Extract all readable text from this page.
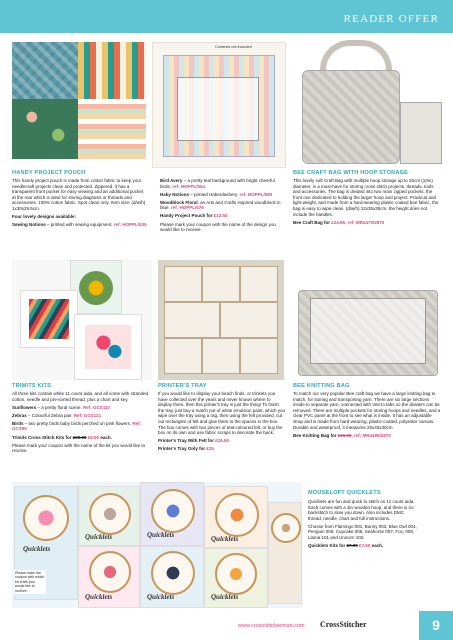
READER OFFER
Contents not included
HANDY PROJECT POUCH

This handy project pouch is made from cotton fabric to keep your needlecraft projects clean and protected. Zippered, it has a transparent front pocket for easy viewing and an additional pocket at the rear which is ideal for storing diagrams or threads and accessories. 100% cotton fabric. Spot clean only. Item size: (d/w/h) 1x30x29.5cm.

Four lovely designs available:

Sewing Notions – printed with sewing equipment. ref: HOPPL/535

Bird Avery – a pretty teal background with bright cheerful birds. ref: HOPPL/554

Haby Notions – printed Haberdashery. ref: HOPPL/580

Woodblock Floral, an Arts and Crafts inspired woodblock in blue. ref: HOPPL/576

Handy Project Pouch for £12.50

Please mark your coupon with the name of the design you would like to receive.

BEE CRAFT BAG WITH HOOP STORAGE

This lovely soft Craft Bag with multiple hoop storage up to 25cm (10in) diameter, is a must-have for storing cross stitch projects, threads, tools and accessories. The bag is divided into two main zipped pockets, the front one dedicated to holding the larger hoop and project. Practical and light-weight, and made from a hard-wearing plastic coated bee fabric, the bag is easy to wipe clean. (d/w/h) 12x35x35cm, the height does not include the handles.

Bee Craft Bag for £24.95, ref: MR4470/2870

TRIMITS KITS

All three kits contain white 11 count aida, and all come with stranded cotton, needle and pre-sorted thread, plus a chart and key.

Sunflowers – a pretty floral scene. Ref: GCS117

Zebras – Colourful Zebra pair. Ref: GCS121

Birds – two pretty birds baby birds perched on pink flowers. Ref: GCS95

Trimits Cross Stitch Kits for £30.00 £8.50 each.

Please mark your coupon with the name of the kit you would like to receive.

PRINTER'S TRAY

If you would like to display your beach finds, or trinkets you have collected over the years and never known where to display them, then this printer's tray is just the thing! To finish the tray, just buy a match pot of white emulsion paint, which you wipe over the tray using a rag, then using the felt provided, cut out rectangles of felt and glue them to the spaces in the box. The box comes with two pieces of teal-coloured felt, or buy the box on its own and use fabric scraps to decorate the back.

Printer's Tray With Felt for £26.50

Printer's Tray Only for £25

BEE KNITTING BAG

To match our very popular Bee craft bag we have a large knitting bag to match, for storing and transporting yarn. There are six large sections inside to separate yarn, connected with Velcro tabs so the dividers can be removed. There are multiple pockets for storing hoops and needles, and a clear PVC panel at the front to see what is inside. It has an adjustable strap and is made from hard-wearing, plastic-coated, polyester canvas. Durable and waterproof, it measures 25x40x30cm.

Bee Knitting Bag for £31.50, ref: MR4495/2870

Quicklets
Quicklets	Quicklets	Quicklets
Quicklets	Quicklets	Quicklets
Please mark the coupon with which kit a kits you would like to receive.
MOUSELOFT QUICKLETS

Quicklets are fun and quick to stitch on 11 count aida. Each comes with a 3in wooden hoop, and there is no backstitch to slow you down. Also includes DMC thread, needle, chart and full instructions.

Choose from Flamingo 001, Bunny 003, Blue Owl 004, Penguin 005, Cupcake 006, Seahorse 007, Fox, 008, Llama 101 and Unicorn 102.

Quicklets Kits for £7.99 £7.50 each.

www.crossstitcherman.com CrossStitcher	9
